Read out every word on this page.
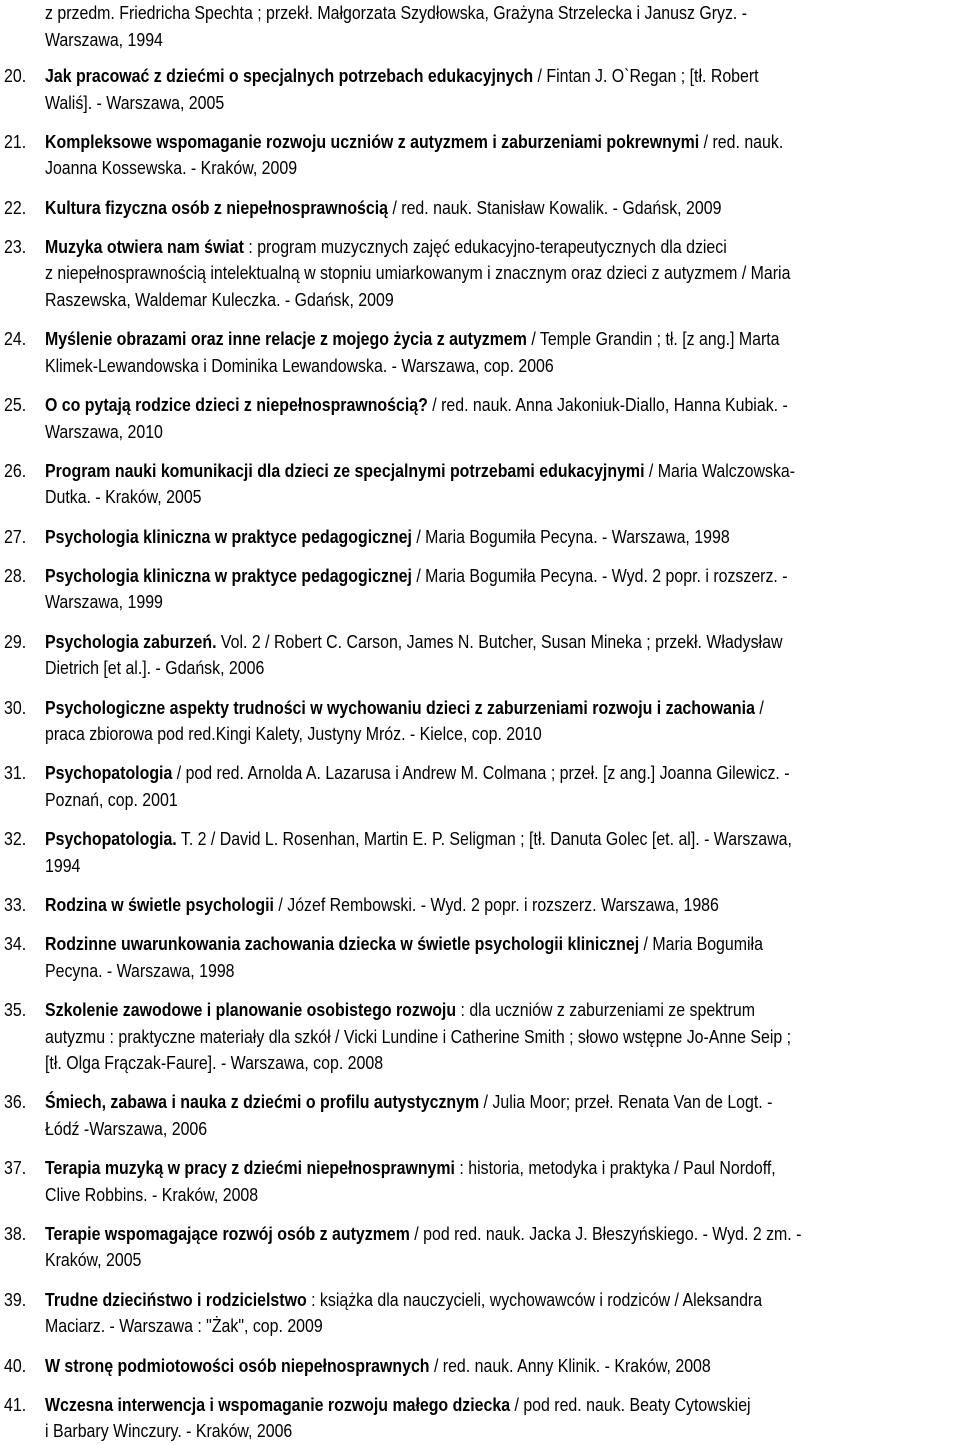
z przedm. Friedricha Spechta ; przekł. Małgorzata Szydłowska, Grażyna Strzelecka i Janusz Gryz. -
Warszawa, 1994
20. Jak pracować z dziećmi o specjalnych potrzebach edukacyjnych / Fintan J. O`Regan ; [tł. Robert
Waliś]. - Warszawa, 2005
21. Kompleksowe wspomaganie rozwoju uczniów z autyzmem i zaburzeniami pokrewnymi / red. nauk.
Joanna Kossewska. - Kraków, 2009
22. Kultura fizyczna osób z niepełnosprawnością / red. nauk. Stanisław Kowalik. - Gdańsk, 2009
23. Muzyka otwiera nam świat : program muzycznych zajęć edukacyjno-terapeutycznych dla dzieci
z niepełnosprawnością intelektualną w stopniu umiarkowanym i znacznym oraz dzieci z autyzmem / Maria
Raszewska, Waldemar Kuleczka. - Gdańsk, 2009
24. Myślenie obrazami oraz inne relacje z mojego życia z autyzmem / Temple Grandin ; tł. [z ang.] Marta
Klimek-Lewandowska i Dominika Lewandowska. - Warszawa, cop. 2006
25. O co pytają rodzice dzieci z niepełnosprawnością? / red. nauk. Anna Jakoniuk-Diallo, Hanna Kubiak. -
Warszawa, 2010
26. Program nauki komunikacji dla dzieci ze specjalnymi potrzebami edukacyjnymi / Maria Walczowska-
Dutka. - Kraków, 2005
27. Psychologia kliniczna w praktyce pedagogicznej / Maria Bogumiła Pecyna. - Warszawa, 1998
28. Psychologia kliniczna w praktyce pedagogicznej / Maria Bogumiła Pecyna. - Wyd. 2 popr. i rozszerz. -
Warszawa, 1999
29. Psychologia zaburzeń. Vol. 2 / Robert C. Carson, James N. Butcher, Susan Mineka ; przekł. Władysław
Dietrich [et al.]. - Gdańsk, 2006
30. Psychologiczne aspekty trudności w wychowaniu dzieci z zaburzeniami rozwoju i zachowania /
praca zbiorowa pod red.Kingi Kalety, Justyny Mróz. - Kielce, cop. 2010
31. Psychopatologia / pod red. Arnolda A. Lazarusa i Andrew M. Colmana ; przeł. [z ang.] Joanna Gilewicz. -
Poznań, cop. 2001
32. Psychopatologia. T. 2 / David L. Rosenhan, Martin E. P. Seligman ; [tł. Danuta Golec [et. al]. - Warszawa,
1994
33. Rodzina w świetle psychologii / Józef Rembowski. - Wyd. 2 popr. i rozszerz. Warszawa, 1986
34. Rodzinne uwarunkowania zachowania dziecka w świetle psychologii klinicznej / Maria Bogumiła
Pecyna. - Warszawa, 1998
35. Szkolenie zawodowe i planowanie osobistego rozwoju : dla uczniów z zaburzeniami ze spektrum
autyzmu : praktyczne materiały dla szkół / Vicki Lundine i Catherine Smith ; słowo wstępne Jo-Anne Seip ;
[tł. Olga Frączak-Faure]. - Warszawa, cop. 2008
36. Śmiech, zabawa i nauka z dziećmi o profilu autystycznym / Julia Moor; przeł. Renata Van de Logt. -
Łódź -Warszawa, 2006
37. Terapia muzyką w pracy z dziećmi niepełnosprawnymi : historia, metodyka i praktyka / Paul Nordoff,
Clive Robbins. - Kraków, 2008
38. Terapie wspomagające rozwój osób z autyzmem / pod red. nauk. Jacka J. Błeszyńskiego. - Wyd. 2 zm. -
Kraków, 2005
39. Trudne dzieciństwo i rodzicielstwo : książka dla nauczycieli, wychowawców i rodziców / Aleksandra
Maciarz. - Warszawa : "Żak", cop. 2009
40. W stronę podmiotowości osób niepełnosprawnych / red. nauk. Anny Klinik. - Kraków, 2008
41. Wczesna interwencja i wspomaganie rozwoju małego dziecka / pod red. nauk. Beaty Cytowskiej
i Barbary Winczury. - Kraków, 2006
